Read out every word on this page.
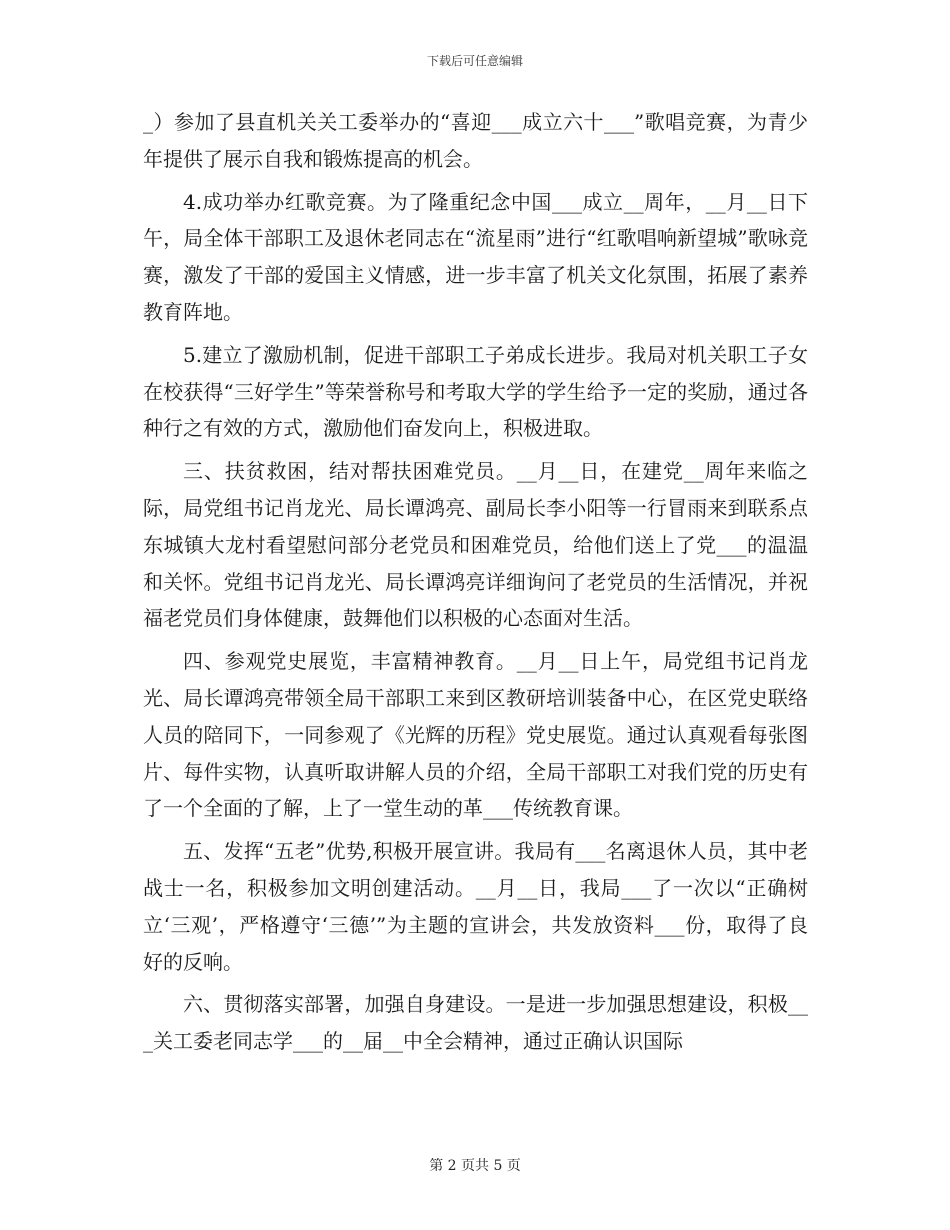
下载后可任意编辑

_）参加了县直机关关工委举办的“喜迎___成立六十___”歌唱竞赛，为青少年提供了展示自我和锻炼提高的机会。

4.成功举办红歌竞赛。为了隆重纪念中国___成立__周年，__月__日下午，局全体干部职工及退休老同志在“流星雨”进行“红歌唱响新望城”歌咏竞赛，激发了干部的爱国主义情感，进一步丰富了机关文化氛围，拓展了素养教育阵地。

5.建立了激励机制，促进干部职工子弟成长进步。我局对机关职工子女在校获得“三好学生”等荣誉称号和考取大学的学生给予一定的奖励，通过各种行之有效的方式，激励他们奋发向上，积极进取。

三、扶贫救困，结对帮扶困难党员。__月__日，在建党__周年来临之际，局党组书记肖龙光、局长谭鸿亮、副局长李小阳等一行冒雨来到联系点东城镇大龙村看望慰问部分老党员和困难党员，给他们送上了党___的温温和关怀。党组书记肖龙光、局长谭鸿亮详细询问了老党员的生活情况，并祝福老党员们身体健康，鼓舞他们以积极的心态面对生活。

四、参观党史展览，丰富精神教育。__月__日上午，局党组书记肖龙光、局长谭鸿亮带领全局干部职工来到区教研培训装备中心，在区党史联络人员的陪同下，一同参观了《光辉的历程》党史展览。通过认真观看每张图片、每件实物，认真听取讲解人员的介绍，全局干部职工对我们党的历史有了一个全面的了解，上了一堂生动的革___传统教育课。

五、发挥“五老”优势,积极开展宣讲。我局有___名离退休人员，其中老战士一名，积极参加文明创建活动。__月__日，我局___了一次以“正确树立‘三观’，严格遵守‘三德’”为主题的宣讲会，共发放资料___份，取得了良好的反响。

六、贯彻落实部署，加强自身建设。一是进一步加强思想建设，积极___关工委老同志学___的__届__中全会精神，通过正确认识国际

第 2 页共 5 页
